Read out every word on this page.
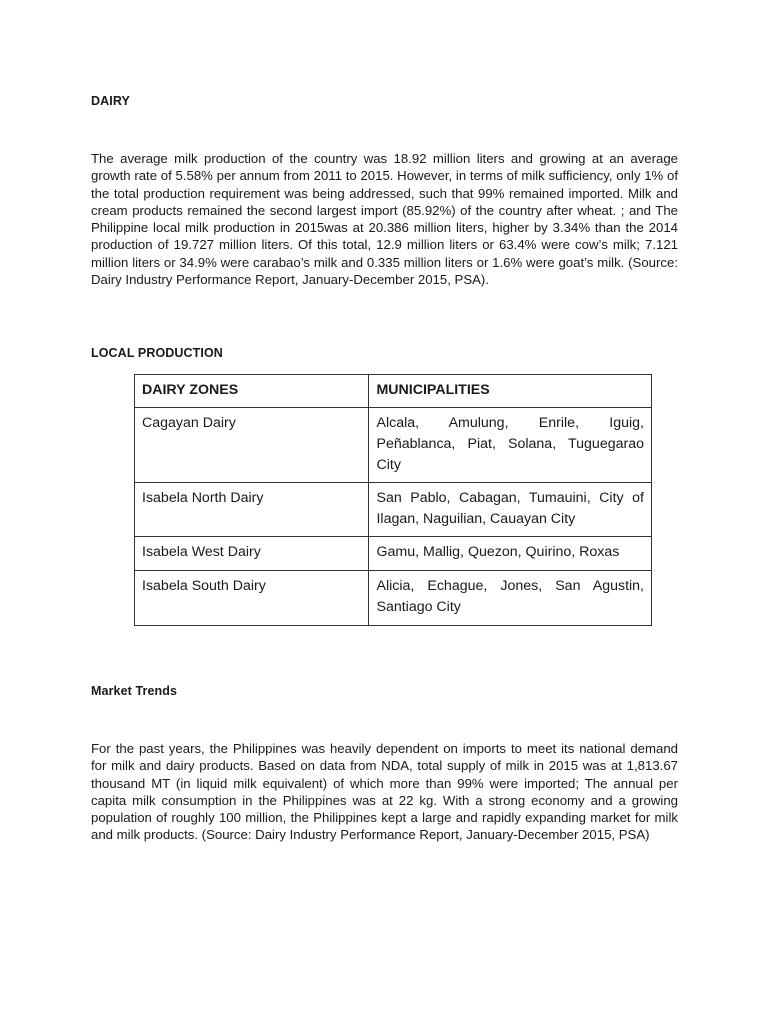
DAIRY

The average milk production of the country was 18.92 million liters and growing at an average growth rate of 5.58% per annum from 2011 to 2015. However, in terms of milk sufficiency, only 1% of the total production requirement was being addressed, such that 99% remained imported. Milk and cream products remained the second largest import (85.92%) of the country after wheat. ; and The Philippine local milk production in 2015was at 20.386 million liters, higher by 3.34% than the 2014 production of 19.727 million liters. Of this total, 12.9 million liters or 63.4% were cow’s milk; 7.121 million liters or 34.9% were carabao’s milk and 0.335 million liters or 1.6% were goat’s milk. (Source: Dairy Industry Performance Report, January-December 2015, PSA).

LOCAL PRODUCTION
DAIRY ZONES	MUNICIPALITIES
Cagayan Dairy	Alcala, Amulung, Enrile, Iguig, Peñablanca, Piat, Solana, Tuguegarao City
Isabela North Dairy	San Pablo, Cabagan, Tumauini, City of Ilagan, Naguilian, Cauayan City
Isabela West Dairy	Gamu, Mallig, Quezon, Quirino, Roxas
Isabela South Dairy	Alicia, Echague, Jones, San Agustin, Santiago City
Market Trends

For the past years, the Philippines was heavily dependent on imports to meet its national demand for milk and dairy products. Based on data from NDA, total supply of milk in 2015 was at 1,813.67 thousand MT (in liquid milk equivalent) of which more than 99% were imported; The annual per capita milk consumption in the Philippines was at 22 kg. With a strong economy and a growing population of roughly 100 million, the Philippines kept a large and rapidly expanding market for milk and milk products. (Source: Dairy Industry Performance Report, January-December 2015, PSA)
